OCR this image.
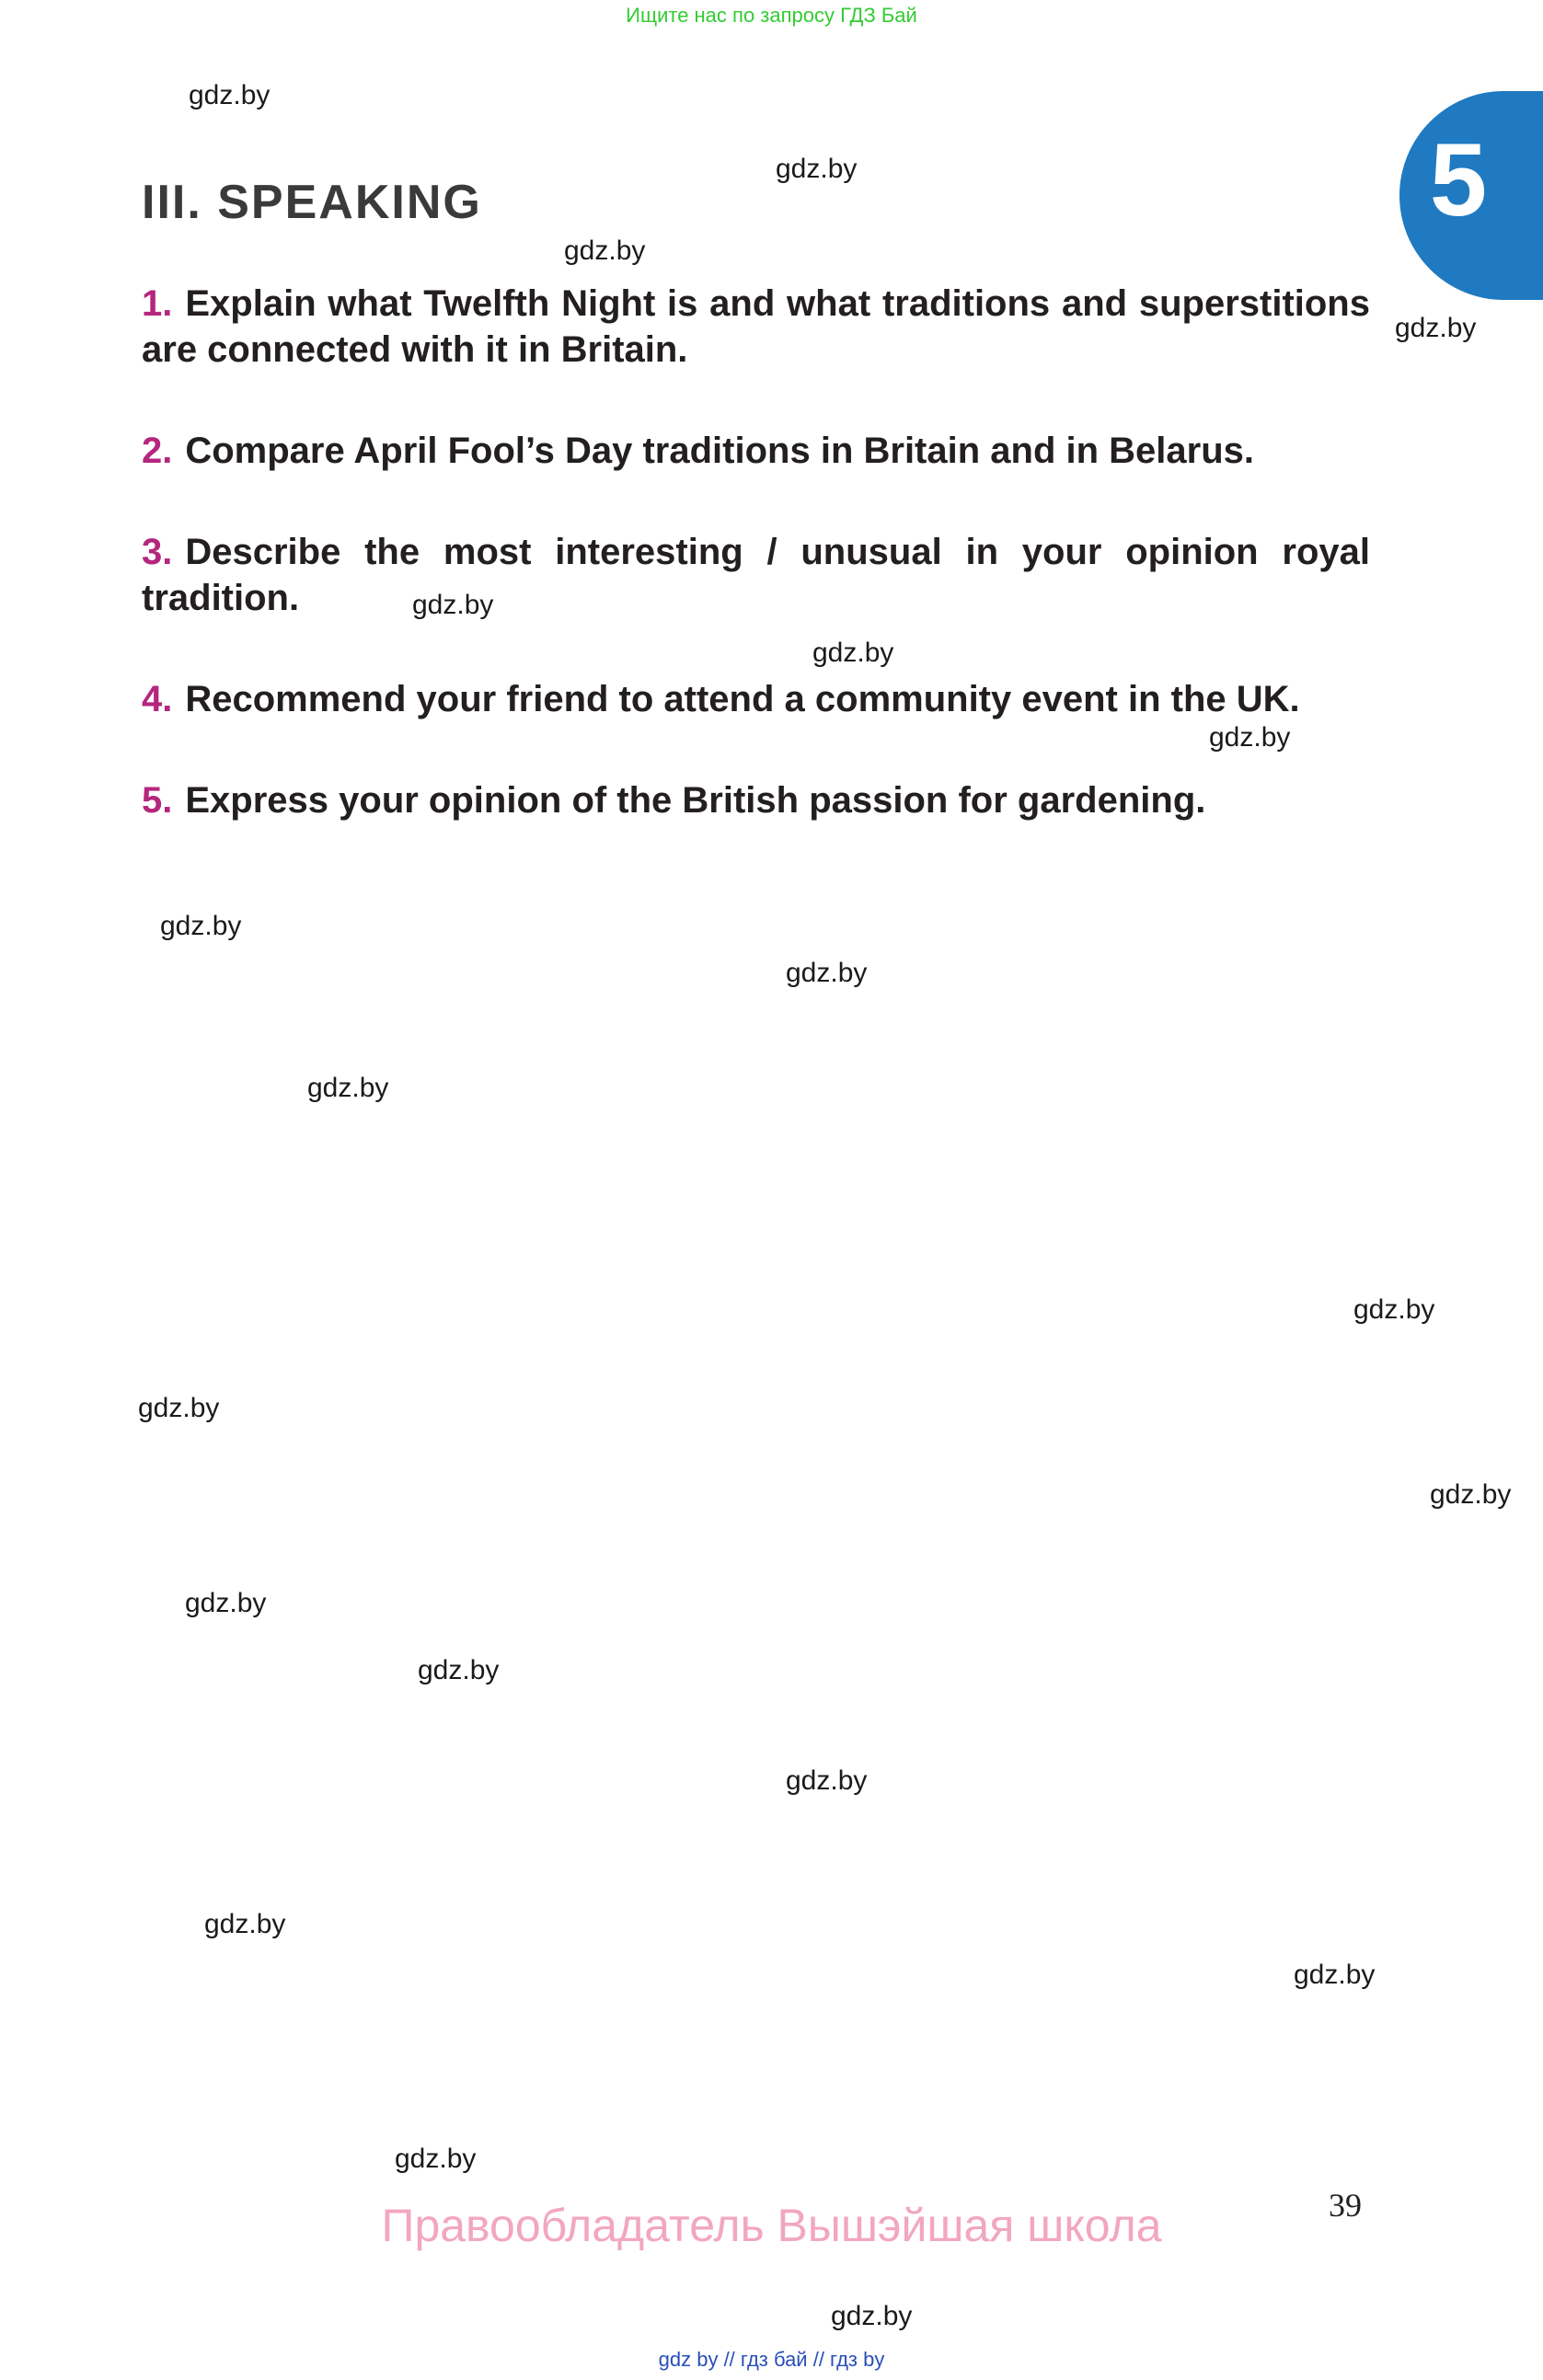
Ищите нас по запросу ГДЗ Бай
5
III. SPEAKING
1. Explain what Twelfth Night is and what traditions and superstitions are connected with it in Britain.
2. Compare April Fool’s Day traditions in Britain and in Belarus.
3. Describe the most interesting / unusual in your opinion royal tradition.
4. Recommend your friend to attend a community event in the UK.
5. Express your opinion of the British passion for gardening.
gdz.by
gdz.by
gdz.by
gdz.by
gdz.by
gdz.by
gdz.by
gdz.by
gdz.by
gdz.by
gdz.by
gdz.by
gdz.by
gdz.by
gdz.by
gdz.by
gdz.by
gdz.by
gdz.by
gdz.by
39
Правообладатель Вышэйшая школа
gdz by // гдз бай // гдз by
